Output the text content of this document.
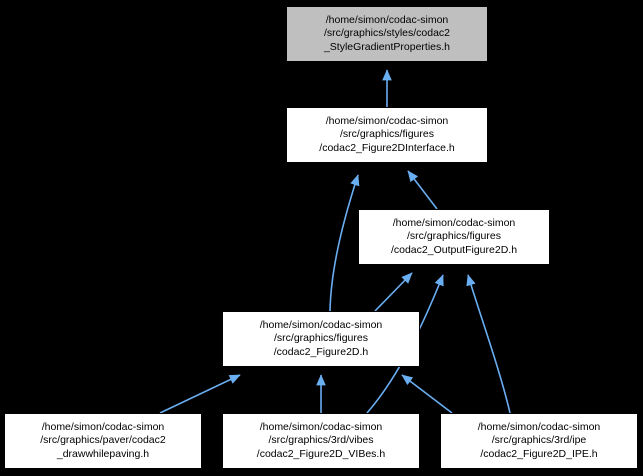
/home/simon/codac-simon
/src/graphics/styles/codac2
_StyleGradientProperties.h
/home/simon/codac-simon
/src/graphics/figures
/codac2_Figure2DInterface.h
/home/simon/codac-simon
/src/graphics/figures
/codac2_OutputFigure2D.h
/home/simon/codac-simon
/src/graphics/figures
/codac2_Figure2D.h
/home/simon/codac-simon
/src/graphics/paver/codac2
_drawwhilepaving.h
/home/simon/codac-simon
/src/graphics/3rd/vibes
/codac2_Figure2D_VIBes.h
/home/simon/codac-simon
/src/graphics/3rd/ipe
/codac2_Figure2D_IPE.h
